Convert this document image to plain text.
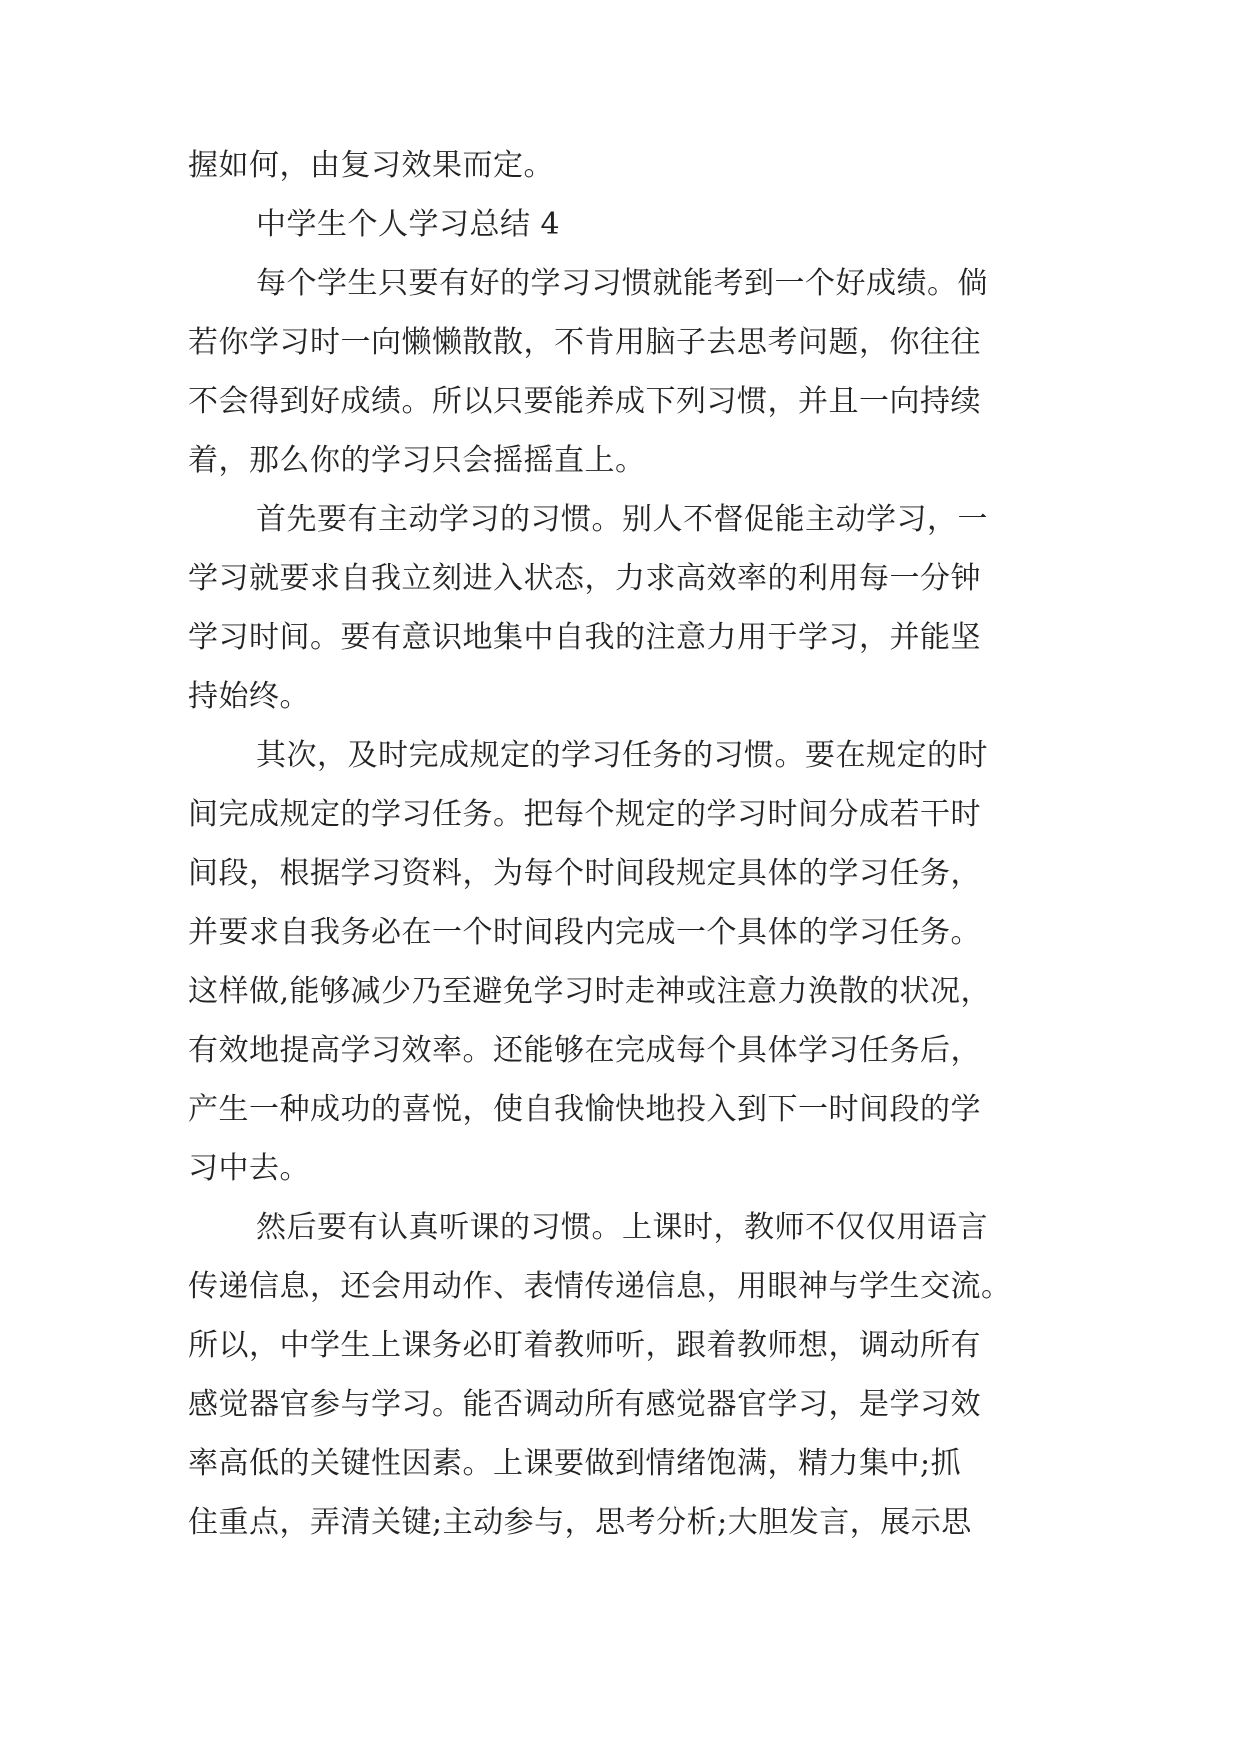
握如何，由复习效果而定。
中学生个人学习总结 4
每个学生只要有好的学习习惯就能考到一个好成绩。倘
若你学习时一向懒懒散散，不肯用脑子去思考问题，你往往
不会得到好成绩。所以只要能养成下列习惯，并且一向持续
着，那么你的学习只会摇摇直上。
首先要有主动学习的习惯。别人不督促能主动学习，一
学习就要求自我立刻进入状态，力求高效率的利用每一分钟
学习时间。要有意识地集中自我的注意力用于学习，并能坚
持始终。
其次，及时完成规定的学习任务的习惯。要在规定的时
间完成规定的学习任务。把每个规定的学习时间分成若干时
间段，根据学习资料，为每个时间段规定具体的学习任务，
并要求自我务必在一个时间段内完成一个具体的学习任务。
这样做,能够减少乃至避免学习时走神或注意力涣散的状况，
有效地提高学习效率。还能够在完成每个具体学习任务后，
产生一种成功的喜悦，使自我愉快地投入到下一时间段的学
习中去。
然后要有认真听课的习惯。上课时，教师不仅仅用语言
传递信息，还会用动作、表情传递信息，用眼神与学生交流。
所以，中学生上课务必盯着教师听，跟着教师想，调动所有
感觉器官参与学习。能否调动所有感觉器官学习，是学习效
率高低的关键性因素。上课要做到情绪饱满，精力集中;抓
住重点，弄清关键;主动参与，思考分析;大胆发言，展示思
